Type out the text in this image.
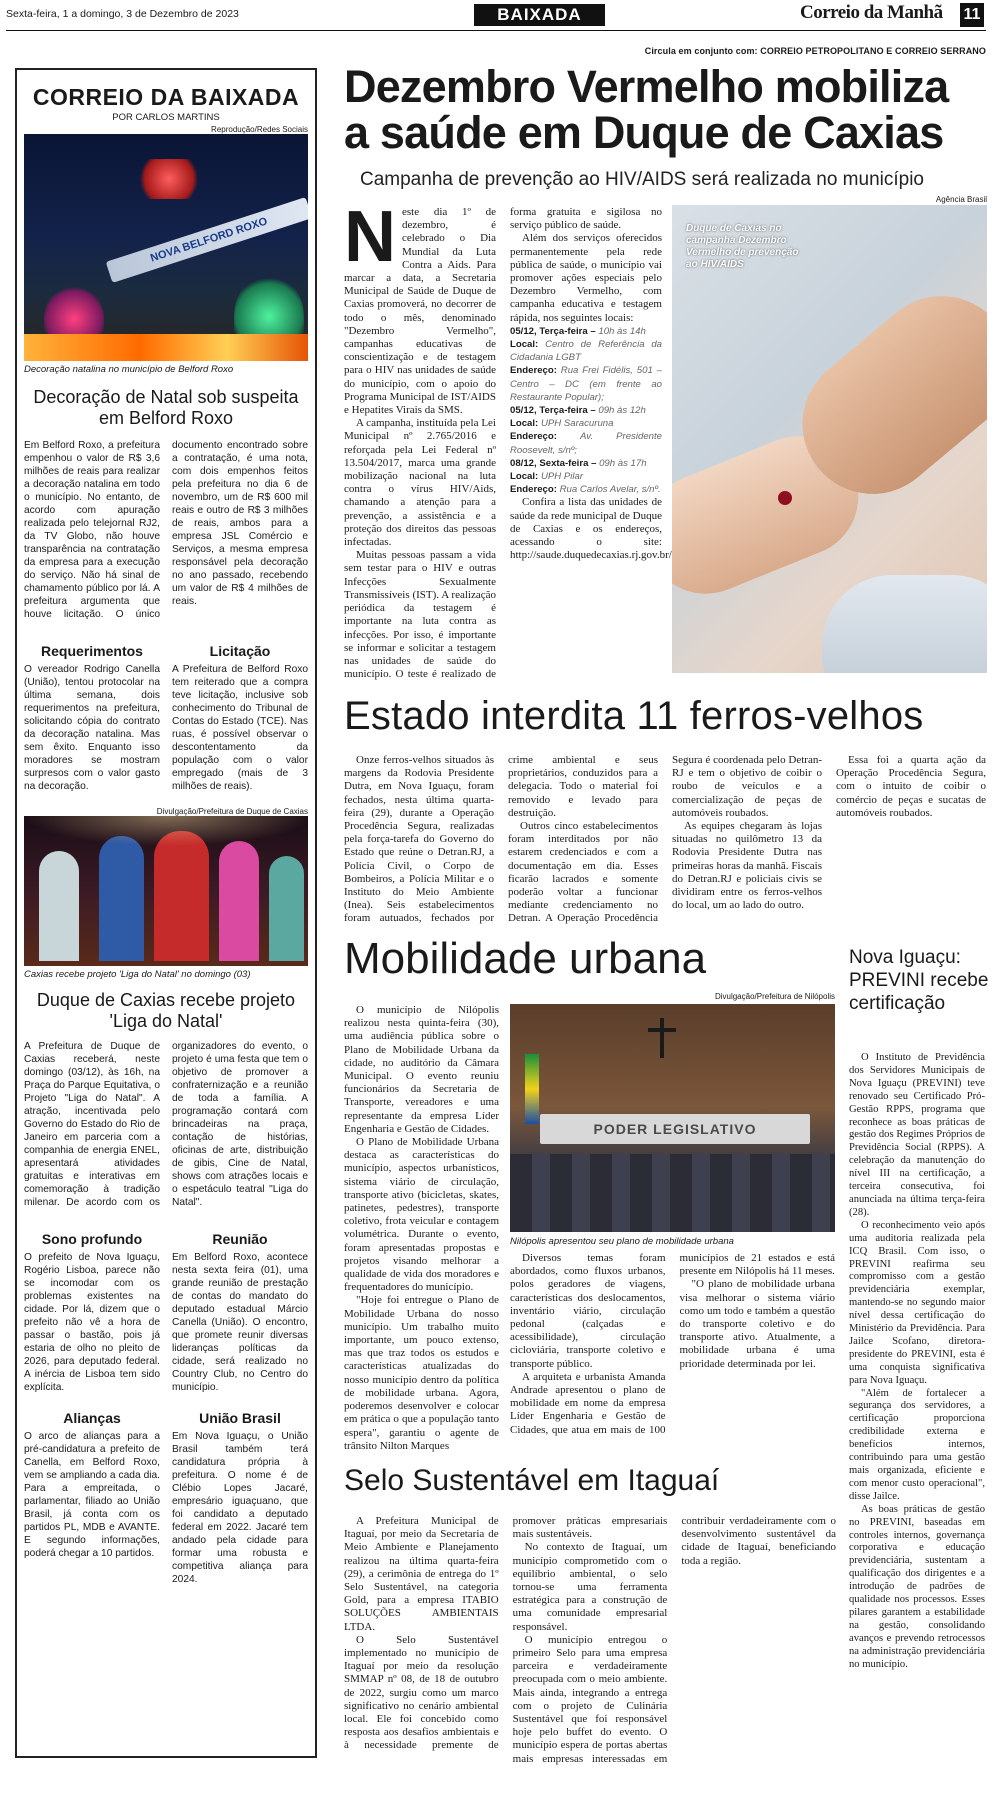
Sexta-feira, 1 a domingo, 3 de Dezembro de 2023	BAIXADA	Correio da Manhã 11
Circula em conjunto com: CORREIO PETROPOLITANO E CORREIO SERRANO
CORREIO DA BAIXADA
POR CARLOS MARTINS
Reprodução/Redes Sociais
NOVA BELFORD ROXO
Decoração natalina no município de Belford Roxo
Decoração de Natal sob suspeita em Belford Roxo

Em Belford Roxo, a prefeitura empenhou o valor de R$ 3,6 milhões de reais para realizar a decoração natalina em todo o município. No entanto, de acordo com apuração realizada pelo telejornal RJ2, da TV Globo, não houve transparência na contratação da empresa para a execução do serviço. Não há sinal de chamamento público por lá. A prefeitura argumenta que houve licitação. O único documento encontrado sobre a contratação, é uma nota, com dois empenhos feitos pela prefeitura no dia 6 de novembro, um de R$ 600 mil reais e outro de R$ 3 milhões de reais, ambos para a empresa JSL Comércio e Serviços, a mesma empresa responsável pela decoração no ano passado, recebendo um valor de R$ 4 milhões de reais.

Requerimentos

O vereador Rodrigo Canella (União), tentou protocolar na última semana, dois requerimentos na prefeitura, solicitando cópia do contrato da decoração natalina. Mas sem êxito. Enquanto isso moradores se mostram surpresos com o valor gasto na decoração.

Licitação

A Prefeitura de Belford Roxo tem reiterado que a compra teve licitação, inclusive sob conhecimento do Tribunal de Contas do Estado (TCE). Nas ruas, é possível observar o descontentamento da população com o valor empregado (mais de 3 milhões de reais).

Divulgação/Prefeitura de Duque de Caxias
Caxias recebe projeto 'Liga do Natal' no domingo (03)
Duque de Caxias recebe projeto 'Liga do Natal'

A Prefeitura de Duque de Caxias receberá, neste domingo (03/12), às 16h, na Praça do Parque Equitativa, o Projeto "Liga do Natal". A atração, incentivada pelo Governo do Estado do Rio de Janeiro em parceria com a companhia de energia ENEL, apresentará atividades gratuitas e interativas em comemoração à tradição milenar. De acordo com os organizadores do evento, o projeto é uma festa que tem o objetivo de promover a confraternização e a reunião de toda a família. A programação contará com brincadeiras na praça, contação de histórias, oficinas de arte, distribuição de gibis, Cine de Natal, shows com atrações locais e o espetáculo teatral "Liga do Natal".

Sono profundo

O prefeito de Nova Iguaçu, Rogério Lisboa, parece não se incomodar com os problemas existentes na cidade. Por lá, dizem que o prefeito não vê a hora de passar o bastão, pois já estaria de olho no pleito de 2026, para deputado federal. A inércia de Lisboa tem sido explícita.

Reunião

Em Belford Roxo, acontece nesta sexta feira (01), uma grande reunião de prestação de contas do mandato do deputado estadual Márcio Canella (União). O encontro, que promete reunir diversas lideranças políticas da cidade, será realizado no Country Club, no Centro do município.

Alianças

O arco de alianças para a pré-candidatura a prefeito de Canella, em Belford Roxo, vem se ampliando a cada dia. Para a empreitada, o parlamentar, filiado ao União Brasil, já conta com os partidos PL, MDB e AVANTE. E segundo informações, poderá chegar a 10 partidos.

União Brasil

Em Nova Iguaçu, o União Brasil também terá candidatura própria à prefeitura. O nome é de Clébio Lopes Jacaré, empresário iguaçuano, que foi candidato a deputado federal em 2022. Jacaré tem andado pela cidade para formar uma robusta e competitiva aliança para 2024.

Dezembro Vermelho mobiliza a saúde em Duque de Caxias
Campanha de prevenção ao HIV/AIDS será realizada no município
Agência Brasil

Neste dia 1º de dezembro, é celebrado o Dia Mundial da Luta Contra a Aids. Para marcar a data, a Secretaria Municipal de Saúde de Duque de Caxias promoverá, no decorrer de todo o mês, denominado "Dezembro Vermelho", campanhas educativas de conscientização e de testagem para o HIV nas unidades de saúde do município, com o apoio do Programa Municipal de IST/AIDS e Hepatites Virais da SMS.

A campanha, instituída pela Lei Municipal nº 2.765/2016 e reforçada pela Lei Federal nº 13.504/2017, marca uma grande mobilização nacional na luta contra o vírus HIV/Aids, chamando a atenção para a prevenção, a assistência e a proteção dos direitos das pessoas infectadas.

Muitas pessoas passam a vida sem testar para o HIV e outras Infecções Sexualmente Transmissíveis (IST). A realização periódica da testagem é importante na luta contra as infecções. Por isso, é importante se informar e solicitar a testagem nas unidades de saúde do município. O teste é realizado de forma gratuita e sigilosa no serviço público de saúde.

Além dos serviços oferecidos permanentemente pela rede pública de saúde, o município vai promover ações especiais pelo Dezembro Vermelho, com campanha educativa e testagem rápida, nos seguintes locais:

05/12, Terça-feira – 10h às 14h
Local: Centro de Referência da Cidadania LGBT
Endereço: Rua Frei Fidélis, 501 – Centro – DC (em frente ao Restaurante Popular);
05/12, Terça-feira – 09h às 12h
Local: UPH Saracuruna
Endereço: Av. Presidente Roosevelt, s/nº;
08/12, Sexta-feira – 09h às 17h
Local: UPH Pilar
Endereço: Rua Carlos Avelar, s/nº.

Confira a lista das unidades de saúde da rede municipal de Duque de Caxias e os endereços, acessando o site: http://saude.duquedecaxias.rj.gov.br/

Duque de Caxias no campanha Dezembro Vermelho de prevenção ao HIV/AIDS
Estado interdita 11 ferros-velhos

Onze ferros-velhos situados às margens da Rodovia Presidente Dutra, em Nova Iguaçu, foram fechados, nesta última quarta-feira (29), durante a Operação Procedência Segura, realizadas pela força-tarefa do Governo do Estado que reúne o Detran.RJ, a Polícia Civil, o Corpo de Bombeiros, a Polícia Militar e o Instituto do Meio Ambiente (Inea). Seis estabelecimentos foram autuados, fechados por crime ambiental e seus proprietários, conduzidos para a delegacia. Todo o material foi removido e levado para destruição.

Outros cinco estabelecimentos foram interditados por não estarem credenciados e com a documentação em dia. Esses ficarão lacrados e somente poderão voltar a funcionar mediante credenciamento no Detran. A Operação Procedência Segura é coordenada pelo Detran-RJ e tem o objetivo de coibir o roubo de veículos e a comercialização de peças de automóveis roubados.

As equipes chegaram às lojas situadas no quilômetro 13 da Rodovia Presidente Dutra nas primeiras horas da manhã. Fiscais do Detran.RJ e policiais civis se dividiram entre os ferros-velhos do local, um ao lado do outro.

Essa foi a quarta ação da Operação Procedência Segura, com o intuito de coibir o comércio de peças e sucatas de automóveis roubados.

Mobilidade urbana
Divulgação/Prefeitura de Nilópolis

O município de Nilópolis realizou nesta quinta-feira (30), uma audiência pública sobre o Plano de Mobilidade Urbana da cidade, no auditório da Câmara Municipal. O evento reuniu funcionários da Secretaria de Transporte, vereadores e uma representante da empresa Líder Engenharia e Gestão de Cidades.

O Plano de Mobilidade Urbana destaca as características do município, aspectos urbanísticos, sistema viário de circulação, transporte ativo (bicicletas, skates, patinetes, pedestres), transporte coletivo, frota veicular e contagem volumétrica. Durante o evento, foram apresentadas propostas e projetos visando melhorar a qualidade de vida dos moradores e frequentadores do município.

"Hoje foi entregue o Plano de Mobilidade Urbana do nosso município. Um trabalho muito importante, um pouco extenso, mas que traz todos os estudos e características atualizadas do nosso município dentro da política de mobilidade urbana. Agora, poderemos desenvolver e colocar em prática o que a população tanto espera", garantiu o agente de trânsito Nilton Marques

PODER LEGISLATIVO
Nilópolis apresentou seu plano de mobilidade urbana

Diversos temas foram abordados, como fluxos urbanos, polos geradores de viagens, características dos deslocamentos, inventário viário, circulação pedonal (calçadas e acessibilidade), circulação cicloviária, transporte coletivo e transporte público.

A arquiteta e urbanista Amanda Andrade apresentou o plano de mobilidade em nome da empresa Líder Engenharia e Gestão de Cidades, que atua em mais de 100 municípios de 21 estados e está presente em Nilópolis há 11 meses.

"O plano de mobilidade urbana visa melhorar o sistema viário como um todo e também a questão do transporte coletivo e do transporte ativo. Atualmente, a mobilidade urbana é uma prioridade determinada por lei.

Selo Sustentável em Itaguaí

A Prefeitura Municipal de Itaguaí, por meio da Secretaria de Meio Ambiente e Planejamento realizou na última quarta-feira (29), a cerimônia de entrega do 1º Selo Sustentável, na categoria Gold, para a empresa ITABIO SOLUÇÕES AMBIENTAIS LTDA.

O Selo Sustentável implementado no município de Itaguaí por meio da resolução SMMAP nº 08, de 18 de outubro de 2022, surgiu como um marco significativo no cenário ambiental local. Ele foi concebido como resposta aos desafios ambientais e à necessidade premente de promover práticas empresariais mais sustentáveis.

No contexto de Itaguaí, um município comprometido com o equilíbrio ambiental, o selo tornou-se uma ferramenta estratégica para a construção de uma comunidade empresarial responsável.

O município entregou o primeiro Selo para uma empresa parceira e verdadeiramente preocupada com o meio ambiente. Mais ainda, integrando a entrega com o projeto de Culinária Sustentável que foi responsável hoje pelo buffet do evento. O município espera de portas abertas mais empresas interessadas em contribuir verdadeiramente com o desenvolvimento sustentável da cidade de Itaguaí, beneficiando toda a região.

Nova Iguaçu: PREVINI recebe certificação

O Instituto de Previdência dos Servidores Municipais de Nova Iguaçu (PREVINI) teve renovado seu Certificado Pró-Gestão RPPS, programa que reconhece as boas práticas de gestão dos Regimes Próprios de Previdência Social (RPPS). A celebração da manutenção do nível III na certificação, a terceira consecutiva, foi anunciada na última terça-feira (28).

O reconhecimento veio após uma auditoria realizada pela ICQ Brasil. Com isso, o PREVINI reafirma seu compromisso com a gestão previdenciária exemplar, mantendo-se no segundo maior nível dessa certificação do Ministério da Previdência. Para Jailce Scofano, diretora-presidente do PREVINI, esta é uma conquista significativa para Nova Iguaçu.

"Além de fortalecer a segurança dos servidores, a certificação proporciona credibilidade externa e benefícios internos, contribuindo para uma gestão mais organizada, eficiente e com menor custo operacional", disse Jailce.

As boas práticas de gestão no PREVINI, baseadas em controles internos, governança corporativa e educação previdenciária, sustentam a qualificação dos dirigentes e a introdução de padrões de qualidade nos processos. Esses pilares garantem a estabilidade na gestão, consolidando avanços e prevendo retrocessos na administração previdenciária no município.
